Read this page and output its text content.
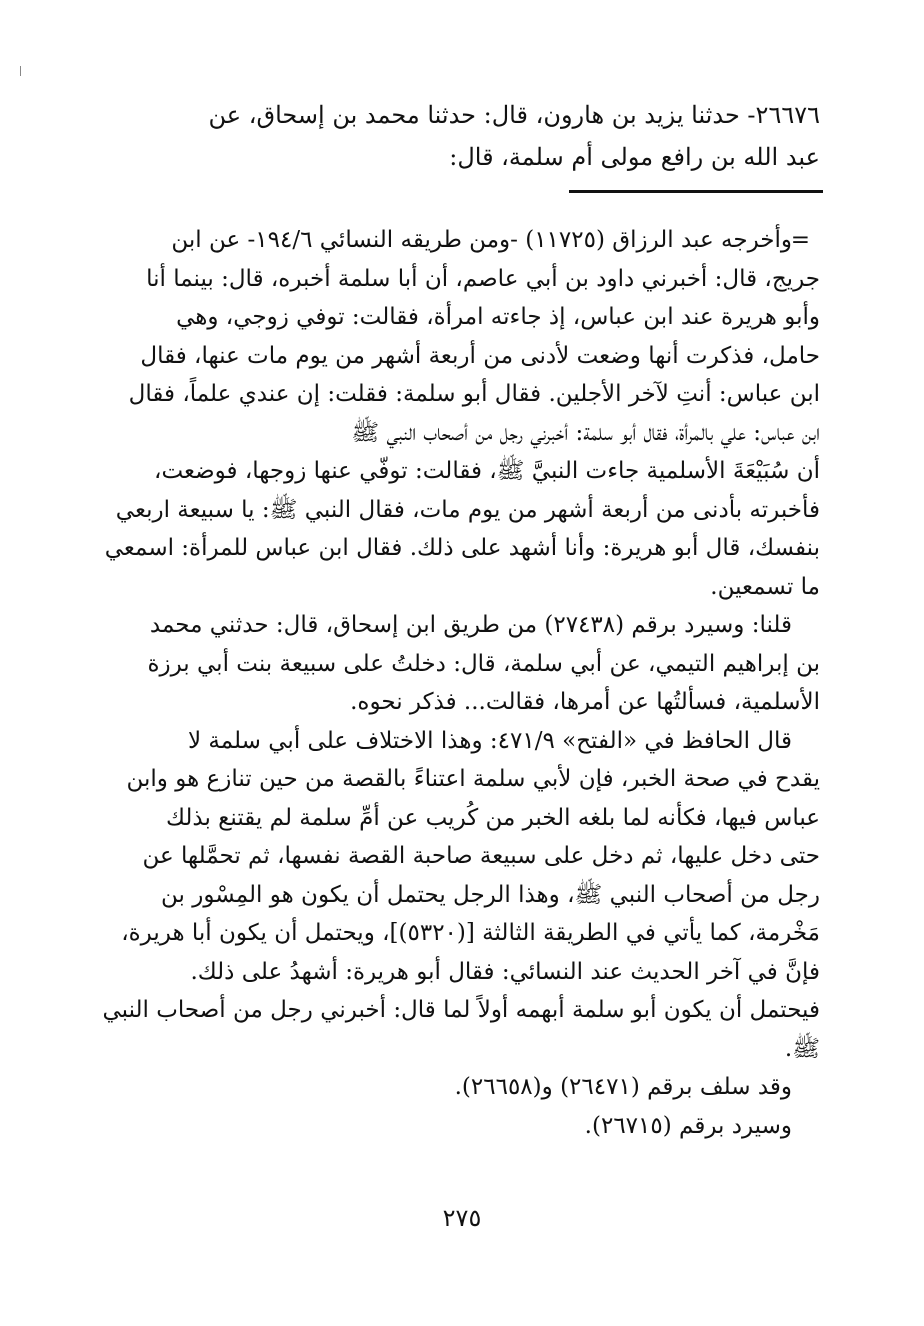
٢٦٦٧٦- حدثنا يزيد بن هارون، قال: حدثنا محمد بن إسحاق، عن
عبد الله بن رافع مولى أم سلمة، قال:
=

وأخرجه عبد الرزاق (١١٧٢٥) -ومن طريقه النسائي ١٩٤/٦- عن ابن
جريج، قال: أخبرني داود بن أبي عاصم، أن أبا سلمة أخبره، قال: بينما أنا
وأبو هريرة عند ابن عباس، إذ جاءته امرأة، فقالت: توفي زوجي، وهي
حامل، فذكرت أنها وضعت لأدنى من أربعة أشهر من يوم مات عنها، فقال
ابن عباس: أنتِ لآخر الأجلين. فقال أبو سلمة: فقلت: إن عندي علماً، فقال
ابن عباس: علي بالمرأة، فقال أبو سلمة: أخبرني رجل من أصحاب النبي ﷺ
أن سُبَيْعَةَ الأسلمية جاءت النبيَّ ﷺ، فقالت: توفّي عنها زوجها، فوضعت،
فأخبرته بأدنى من أربعة أشهر من يوم مات، فقال النبي ﷺ: يا سبيعة اربعي
بنفسك، قال أبو هريرة: وأنا أشهد على ذلك. فقال ابن عباس للمرأة: اسمعي
ما تسمعين.

قلنا: وسيرد برقم (٢٧٤٣٨) من طريق ابن إسحاق، قال: حدثني محمد
بن إبراهيم التيمي، عن أبي سلمة، قال: دخلتُ على سبيعة بنت أبي برزة
الأسلمية، فسألتُها عن أمرها، فقالت... فذكر نحوه.

قال الحافظ في «الفتح» ٤٧١/٩: وهذا الاختلاف على أبي سلمة لا
يقدح في صحة الخبر، فإن لأبي سلمة اعتناءً بالقصة من حين تنازع هو وابن
عباس فيها، فكأنه لما بلغه الخبر من كُريب عن أمِّ سلمة لم يقتنع بذلك
حتى دخل عليها، ثم دخل على سبيعة صاحبة القصة نفسها، ثم تحمَّلها عن
رجل من أصحاب النبي ﷺ، وهذا الرجل يحتمل أن يكون هو المِسْور بن
مَخْرمة، كما يأتي في الطريقة الثالثة [(٥٣٢٠)]، ويحتمل أن يكون أبا هريرة،
فإنَّ في آخر الحديث عند النسائي: فقال أبو هريرة: أشهدُ على ذلك.
فيحتمل أن يكون أبو سلمة أبهمه أولاً لما قال: أخبرني رجل من أصحاب النبي
ﷺ.

وقد سلف برقم (٢٦٤٧١) و(٢٦٦٥٨).
وسيرد برقم (٢٦٧١٥).

٢٧٥
